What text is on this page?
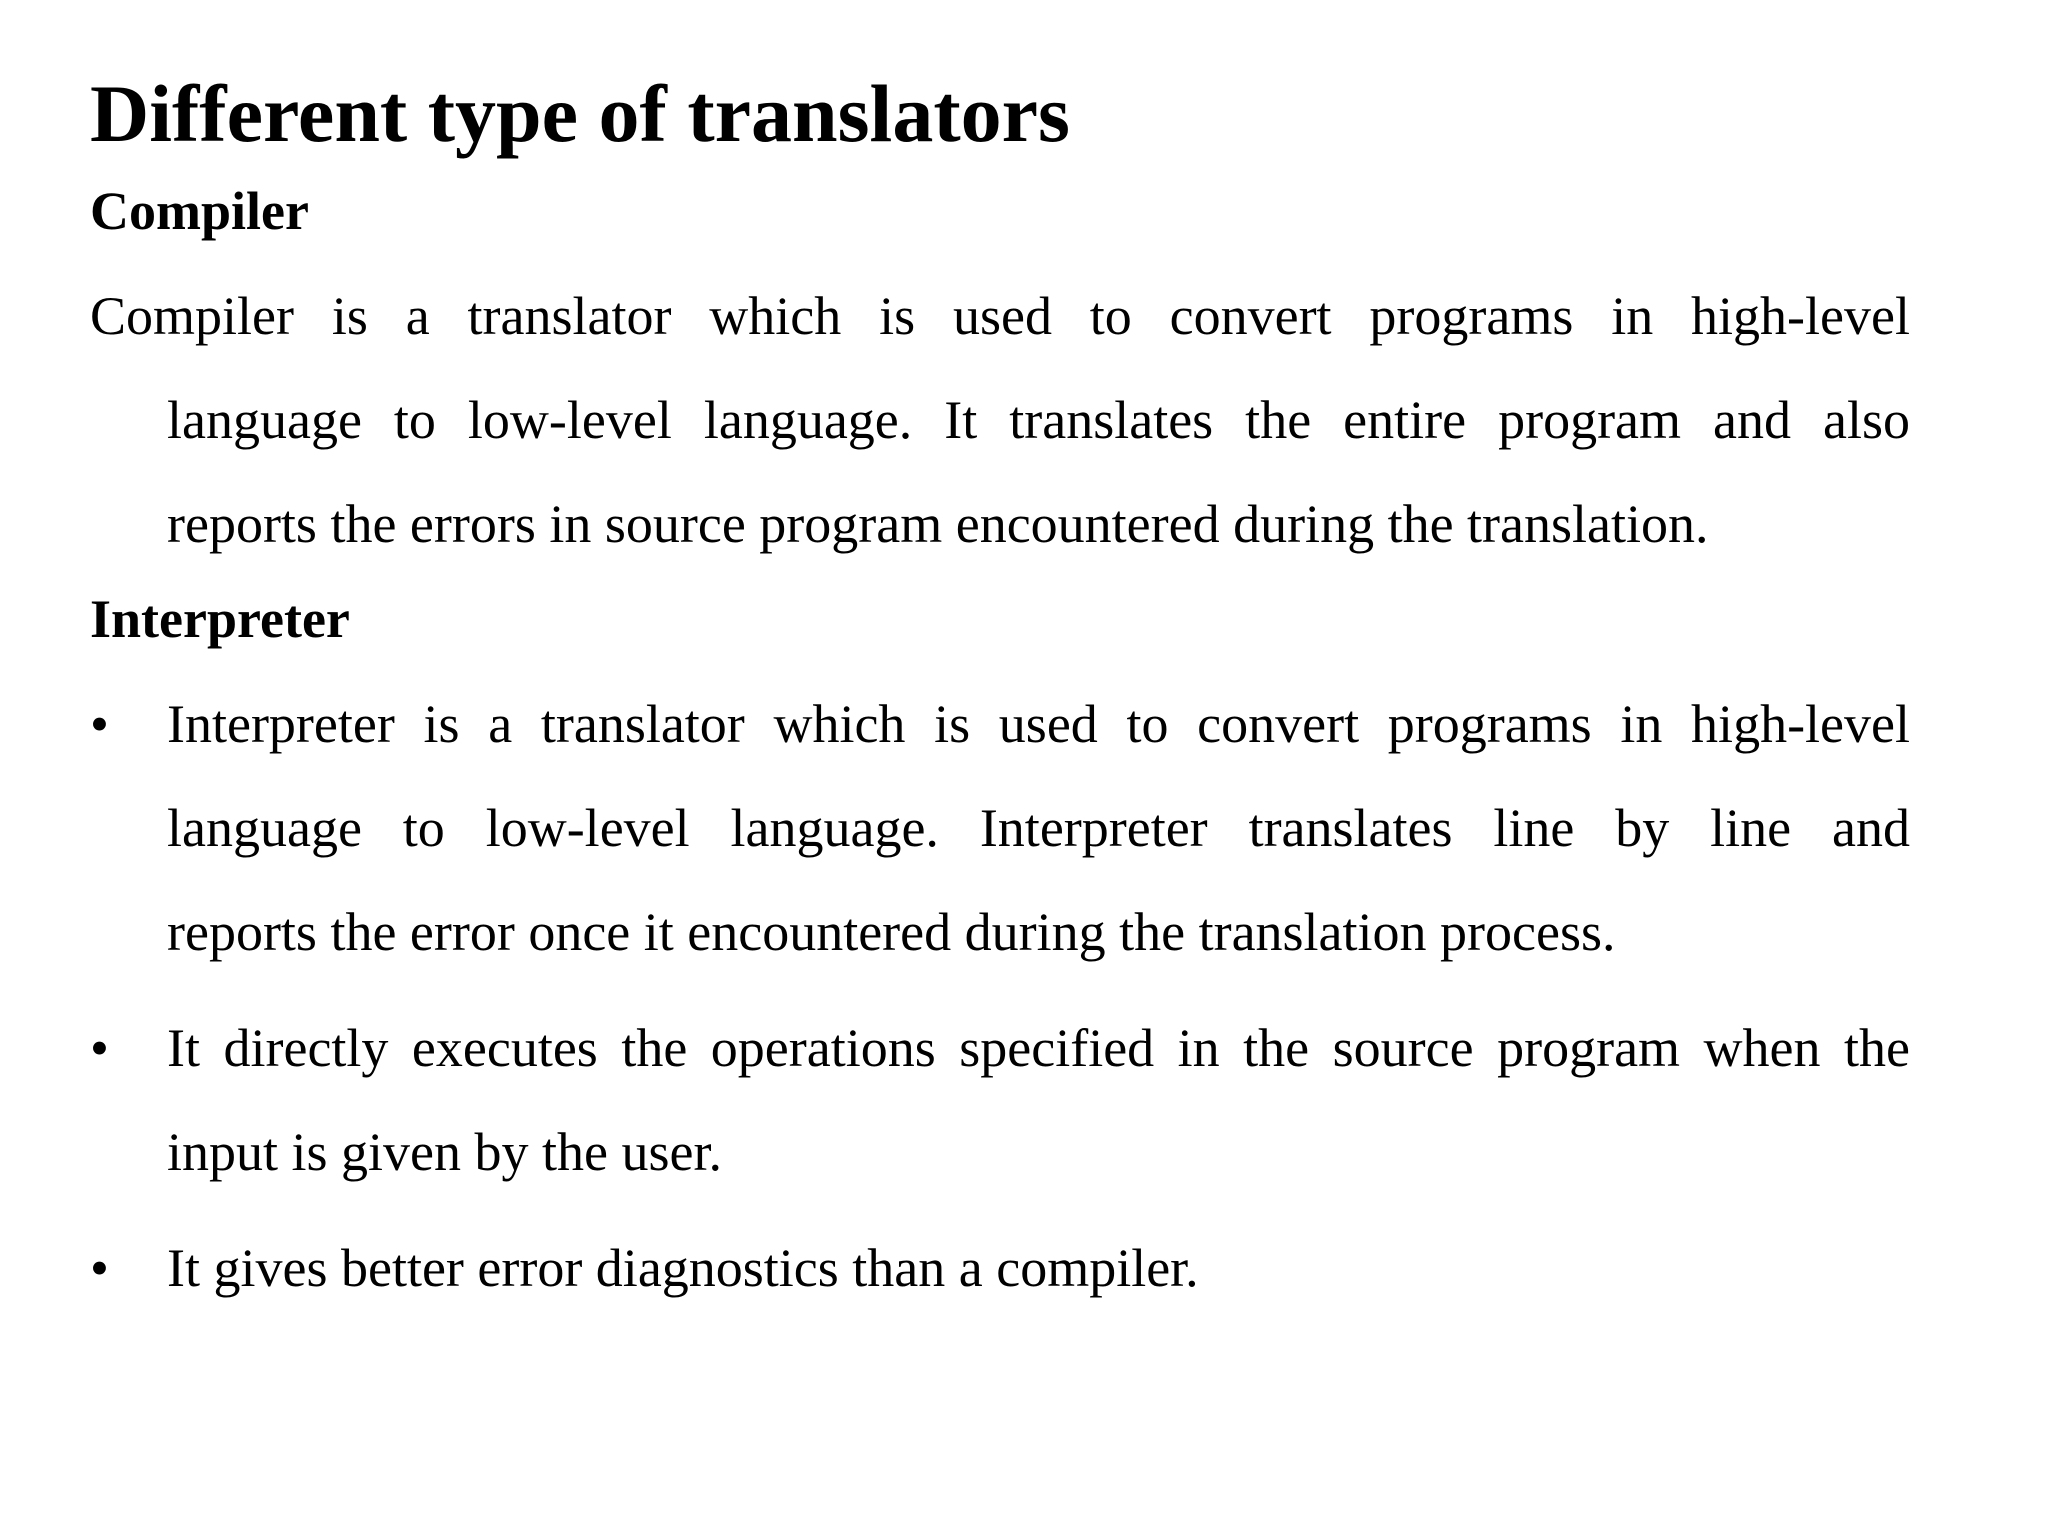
Different type of translators
Compiler

Compiler is a translator which is used to convert programs in high-level
language to low-level language. It translates the entire program and also
reports the errors in source program encountered during the translation.

Interpreter
•	Interpreter is a translator which is used to convert programs in high-level
language to low-level language. Interpreter translates line by line and
reports the error once it encountered during the translation process.
•	It directly executes the operations specified in the source program when the
input is given by the user.
•	It gives better error diagnostics than a compiler.
